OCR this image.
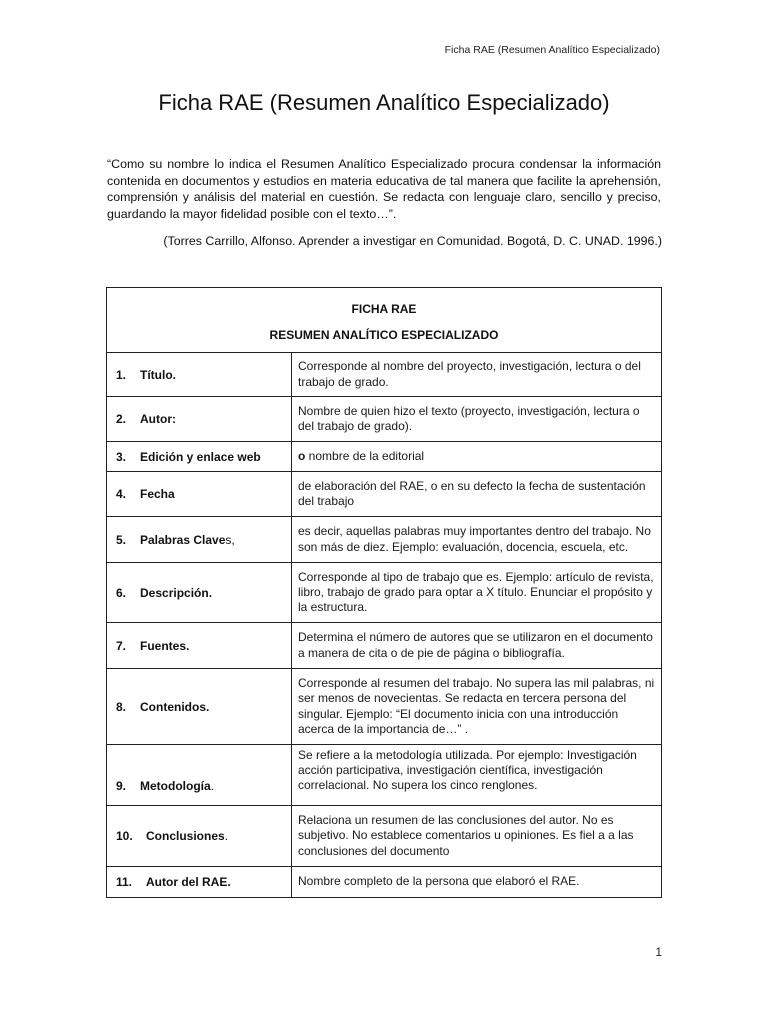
Ficha RAE (Resumen Analítico Especializado)
Ficha RAE (Resumen Analítico Especializado)

“Como su nombre lo indica el Resumen Analítico Especializado procura condensar la información contenida en documentos y estudios en materia educativa de tal manera que facilite la aprehensión, comprensión y análisis del material en cuestión. Se redacta con lenguaje claro, sencillo y preciso, guardando la mayor fidelidad posible con el texto…”.

(Torres Carrillo, Alfonso. Aprender a investigar en Comunidad. Bogotá, D. C. UNAD. 1996.)

FICHA RAE
RESUMEN ANALÍTICO ESPECIALIZADO	

1. Título.	Corresponde al nombre del proyecto, investigación, lectura o del trabajo de grado.
2. Autor:	Nombre de quien hizo el texto (proyecto, investigación, lectura o del trabajo de grado).
3. Edición y enlace web	o nombre de la editorial
4. Fecha	de elaboración del RAE, o en su defecto la fecha de sustentación del trabajo
5. Palabras Claves,	es decir, aquellas palabras muy importantes dentro del trabajo. No son más de diez. Ejemplo: evaluación, docencia, escuela, etc.
6. Descripción.	Corresponde al tipo de trabajo que es. Ejemplo: artículo de revista, libro, trabajo de grado para optar a X título. Enunciar el propósito y la estructura.
7. Fuentes.	Determina el número de autores que se utilizaron en el documento a manera de cita o de pie de página o bibliografía.
8. Contenidos.	Corresponde al resumen del trabajo. No supera las mil palabras, ni ser menos de novecientas. Se redacta en tercera persona del singular. Ejemplo: “El documento inicia con una introducción acerca de la importancia de…” .
9. Metodología.	Se refiere a la metodología utilizada. Por ejemplo: Investigación acción participativa, investigación científica, investigación correlacional. No supera los cinco renglones.
10. Conclusiones.	Relaciona un resumen de las conclusiones del autor. No es subjetivo. No establece comentarios u opiniones. Es fiel a a las conclusiones del documento
11. Autor del RAE.	Nombre completo de la persona que elaboró el RAE.
1
